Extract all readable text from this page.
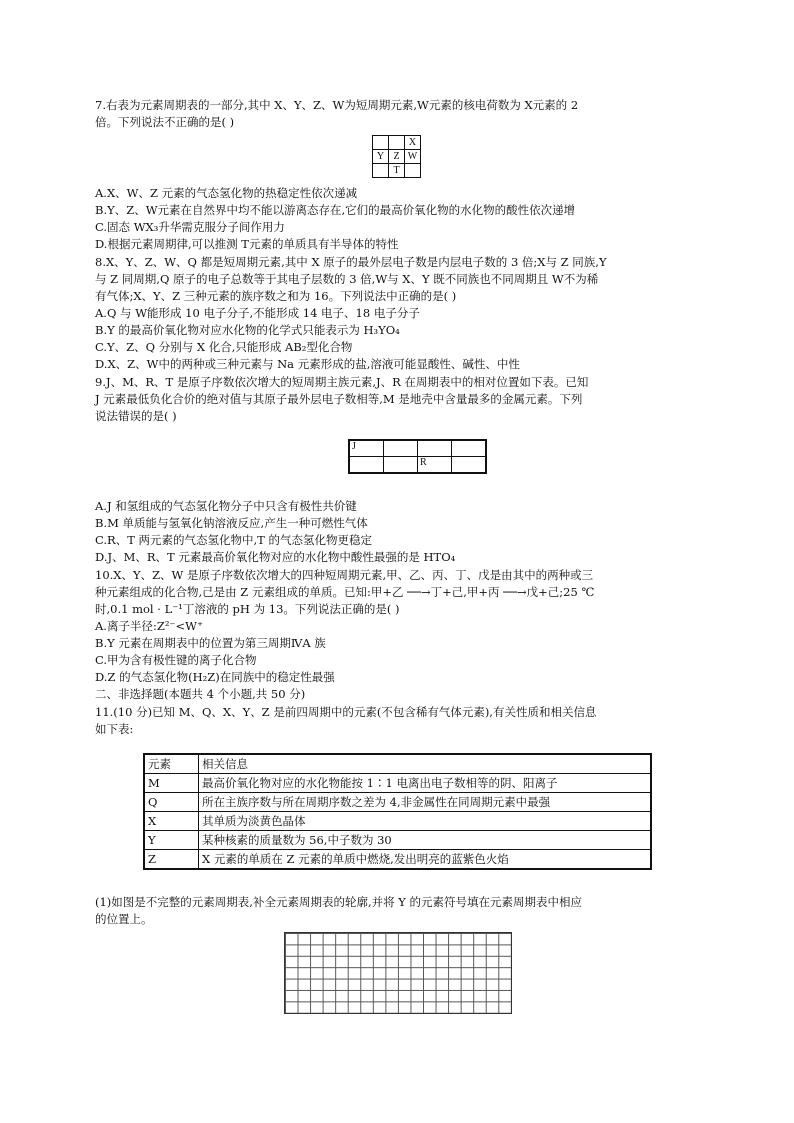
7.右表为元素周期表的一部分,其中 X、Y、Z、W为短周期元素,W元素的核电荷数为 X元素的 2
倍。下列说法不正确的是( )
		X
Y	Z	W
	T	
A.X、W、Z 元素的气态氢化物的热稳定性依次递减
B.Y、Z、W元素在自然界中均不能以游离态存在,它们的最高价氧化物的水化物的酸性依次递增
C.固态 WX₃升华需克服分子间作用力
D.根据元素周期律,可以推测 T元素的单质具有半导体的特性
8.X、Y、Z、W、Q 都是短周期元素,其中 X 原子的最外层电子数是内层电子数的 3 倍;X与 Z 同族,Y
与 Z 同周期,Q 原子的电子总数等于其电子层数的 3 倍,W与 X、Y 既不同族也不同周期且 W不为稀
有气体;X、Y、Z 三种元素的族序数之和为 16。下列说法中正确的是( )
A.Q 与 W能形成 10 电子分子,不能形成 14 电子、18 电子分子
B.Y 的最高价氧化物对应水化物的化学式只能表示为 H₃YO₄
C.Y、Z、Q 分别与 X 化合,只能形成 AB₂型化合物
D.X、Z、W中的两种或三种元素与 Na 元素形成的盐,溶液可能显酸性、碱性、中性
9.J、M、R、T 是原子序数依次增大的短周期主族元素,J、R 在周期表中的相对位置如下表。已知
J 元素最低负化合价的绝对值与其原子最外层电子数相等,M 是地壳中含量最多的金属元素。下列
说法错误的是( )
J			
		R	
A.J 和氢组成的气态氢化物分子中只含有极性共价键
B.M 单质能与氢氧化钠溶液反应,产生一种可燃性气体
C.R、T 两元素的气态氢化物中,T 的气态氢化物更稳定
D.J、M、R、T 元素最高价氧化物对应的水化物中酸性最强的是 HTO₄
10.X、Y、Z、W 是原子序数依次增大的四种短周期元素,甲、乙、丙、丁、戊是由其中的两种或三
种元素组成的化合物,己是由 Z 元素组成的单质。已知:甲+乙 ──→丁+己,甲+丙 ──→戊+己;25 ℃
时,0.1 mol · L⁻¹丁溶液的 pH 为 13。下列说法正确的是( )
A.离子半径:Z²⁻<W⁺
B.Y 元素在周期表中的位置为第三周期ⅣA 族
C.甲为含有极性键的离子化合物
D.Z 的气态氢化物(H₂Z)在同族中的稳定性最强
二、非选择题(本题共 4 个小题,共 50 分)
11.(10 分)已知 M、Q、X、Y、Z 是前四周期中的元素(不包含稀有气体元素),有关性质和相关信息
如下表:
元素	相关信息
M	最高价氧化物对应的水化物能按 1∶1 电离出电子数相等的阴、阳离子
Q	所在主族序数与所在周期序数之差为 4,非金属性在同周期元素中最强
X	其单质为淡黄色晶体
Y	某种核素的质量数为 56,中子数为 30
Z	X 元素的单质在 Z 元素的单质中燃烧,发出明亮的蓝紫色火焰
(1)如图是不完整的元素周期表,补全元素周期表的轮廓,并将 Y 的元素符号填在元素周期表中相应
的位置上。
